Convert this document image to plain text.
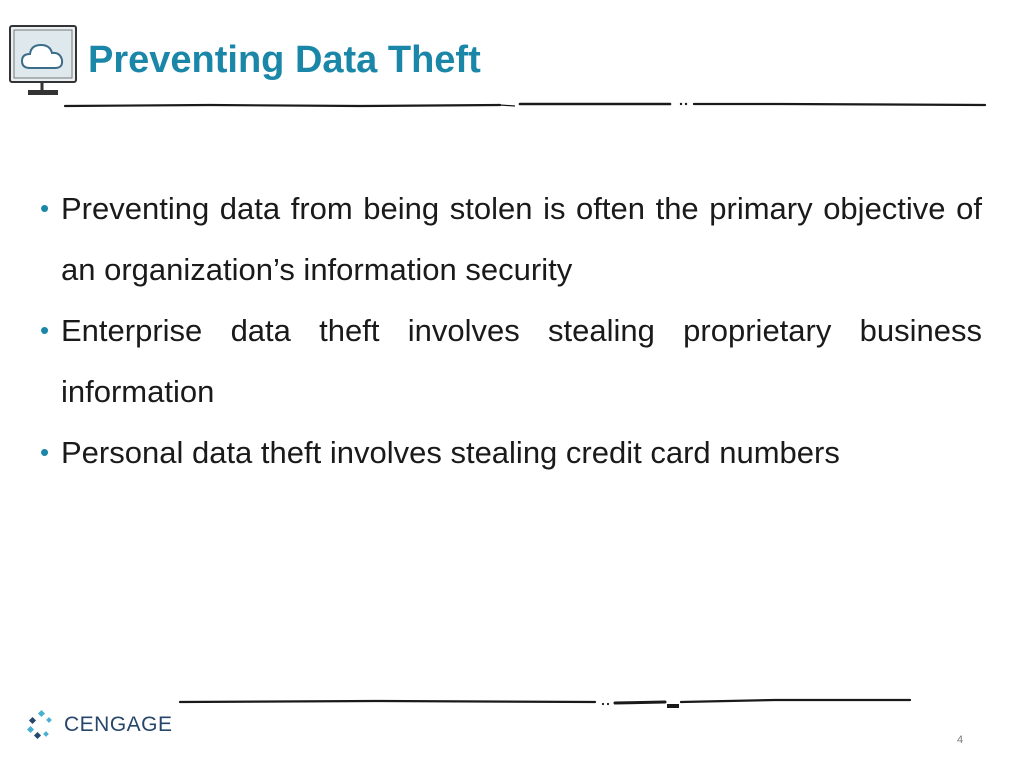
Preventing Data Theft
• Preventing data from being stolen is often the primary objective of an organization’s information security
• Enterprise data theft involves stealing proprietary business information
• Personal data theft involves stealing credit card numbers
CENGAGE
4
